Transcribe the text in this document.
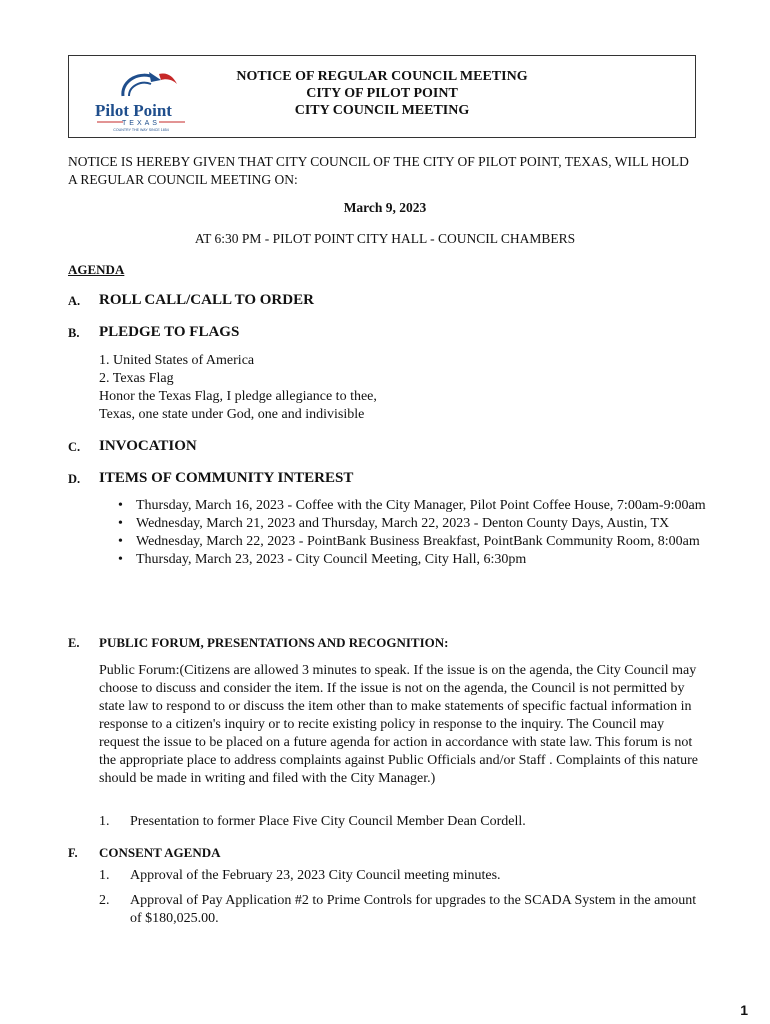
Pilot Point
TEXAS
COUNTRY THE WAY SINCE 1854
NOTICE OF REGULAR COUNCIL MEETING
CITY OF PILOT POINT
CITY COUNCIL MEETING
NOTICE IS HEREBY GIVEN THAT CITY COUNCIL OF THE CITY OF PILOT POINT, TEXAS, WILL HOLD
A REGULAR COUNCIL MEETING ON:
March 9, 2023
AT 6:30 PM - PILOT POINT CITY HALL - COUNCIL CHAMBERS
AGENDA
A. ROLL CALL/CALL TO ORDER
B. PLEDGE TO FLAGS
1. United States of America
2. Texas Flag
Honor the Texas Flag, I pledge allegiance to thee,
Texas, one state under God, one and indivisible
C. INVOCATION
D. ITEMS OF COMMUNITY INTEREST
• Thursday, March 16, 2023 - Coffee with the City Manager, Pilot Point Coffee House, 7:00am-9:00am
• Wednesday, March 21, 2023 and Thursday, March 22, 2023 - Denton County Days, Austin, TX
• Wednesday, March 22, 2023 - PointBank Business Breakfast, PointBank Community Room, 8:00am
• Thursday, March 23, 2023 - City Council Meeting, City Hall, 6:30pm
E. PUBLIC FORUM, PRESENTATIONS AND RECOGNITION:
Public Forum:(Citizens are allowed 3 minutes to speak. If the issue is on the agenda, the City Council may choose to discuss and consider the item. If the issue is not on the agenda, the Council is not permitted by state law to respond to or discuss the item other than to make statements of specific factual information in response to a citizen's inquiry or to recite existing policy in response to the inquiry. The Council may request the issue to be placed on a future agenda for action in accordance with state law. This forum is not the appropriate place to address complaints against Public Officials and/or Staff . Complaints of this nature should be made in writing and filed with the City Manager.)
1. Presentation to former Place Five City Council Member Dean Cordell.
F. CONSENT AGENDA
1. Approval of the February 23, 2023 City Council meeting minutes.
2. Approval of Pay Application #2 to Prime Controls for upgrades to the SCADA System in the amount of $180,025.00.
1
